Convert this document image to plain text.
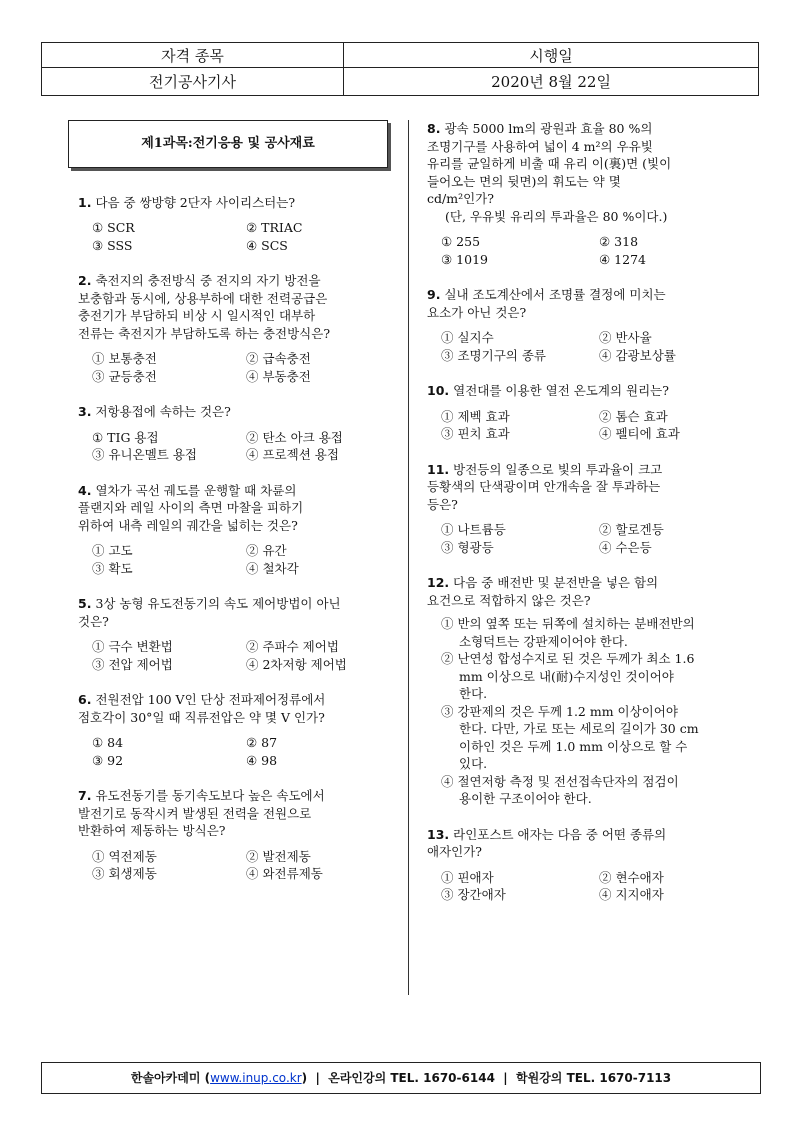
자격 종목	시행일
전기공사기사	2020년 8월 22일
제1과목:전기응용 및 공사재료
1. 다음 중 쌍방향 2단자 사이리스터는?
① SCR	② TRIAC
③ SSS	④ SCS
2. 축전지의 충전방식 중 전지의 자기 방전을
보충함과 동시에, 상용부하에 대한 전력공급은
충전기가 부담하되 비상 시 일시적인 대부하
전류는 축전지가 부담하도록 하는 충전방식은?
① 보통충전	② 급속충전
③ 균등충전	④ 부동충전
3. 저항용접에 속하는 것은?
① TIG 용접	② 탄소 아크 용접
③ 유니온멜트 용접	④ 프로젝션 용접
4. 열차가 곡선 궤도를 운행할 때 차륜의
플랜지와 레일 사이의 측면 마찰을 피하기
위하여 내측 레일의 궤간을 넓히는 것은?
① 고도	② 유간
③ 확도	④ 철차각
5. 3상 농형 유도전동기의 속도 제어방법이 아닌
것은?
① 극수 변환법	② 주파수 제어법
③ 전압 제어법	④ 2차저항 제어법
6. 전원전압 100 V인 단상 전파제어정류에서
점호각이 30°일 때 직류전압은 약 몇 V 인가?
① 84	② 87
③ 92	④ 98
7. 유도전동기를 동기속도보다 높은 속도에서
발전기로 동작시켜 발생된 전력을 전원으로
반환하여 제동하는 방식은?
① 역전제동	② 발전제동
③ 회생제동	④ 와전류제동
8. 광속 5000 lm의 광원과 효율 80 %의
조명기구를 사용하여 넓이 4 m²의 우유빛
유리를 균일하게 비출 때 유리 이(裏)면 (빛이
들어오는 면의 뒷면)의 휘도는 약 몇
cd/m²인가?
(단, 우유빛 유리의 투과율은 80 %이다.)
① 255	② 318
③ 1019	④ 1274
9. 실내 조도계산에서 조명률 결정에 미치는
요소가 아닌 것은?
① 실지수	② 반사율
③ 조명기구의 종류	④ 감광보상률
10. 열전대를 이용한 열전 온도계의 원리는?
① 제벡 효과	② 톰슨 효과
③ 핀치 효과	④ 펠티에 효과
11. 방전등의 일종으로 빛의 투과율이 크고
등황색의 단색광이며 안개속을 잘 투과하는
등은?
① 나트륨등	② 할로겐등
③ 형광등	④ 수은등
12. 다음 중 배전반 및 분전반을 넣은 함의
요건으로 적합하지 않은 것은?
① 반의 옆쪽 또는 뒤쪽에 설치하는 분배전반의
소형덕트는 강판제이어야 한다.
② 난연성 합성수지로 된 것은 두께가 최소 1.6
mm 이상으로 내(耐)수지성인 것이어야
한다.
③ 강판제의 것은 두께 1.2 mm 이상이어야
한다. 다만, 가로 또는 세로의 길이가 30 cm
이하인 것은 두께 1.0 mm 이상으로 할 수
있다.
④ 절연저항 측정 및 전선접속단자의 점검이
용이한 구조이어야 한다.
13. 라인포스트 애자는 다음 중 어떤 종류의
애자인가?
① 핀애자	② 현수애자
③ 장간애자	④ 지지애자
한솔아카데미 (www.inup.co.kr) | 온라인강의 TEL. 1670-6144 | 학원강의 TEL. 1670-7113
